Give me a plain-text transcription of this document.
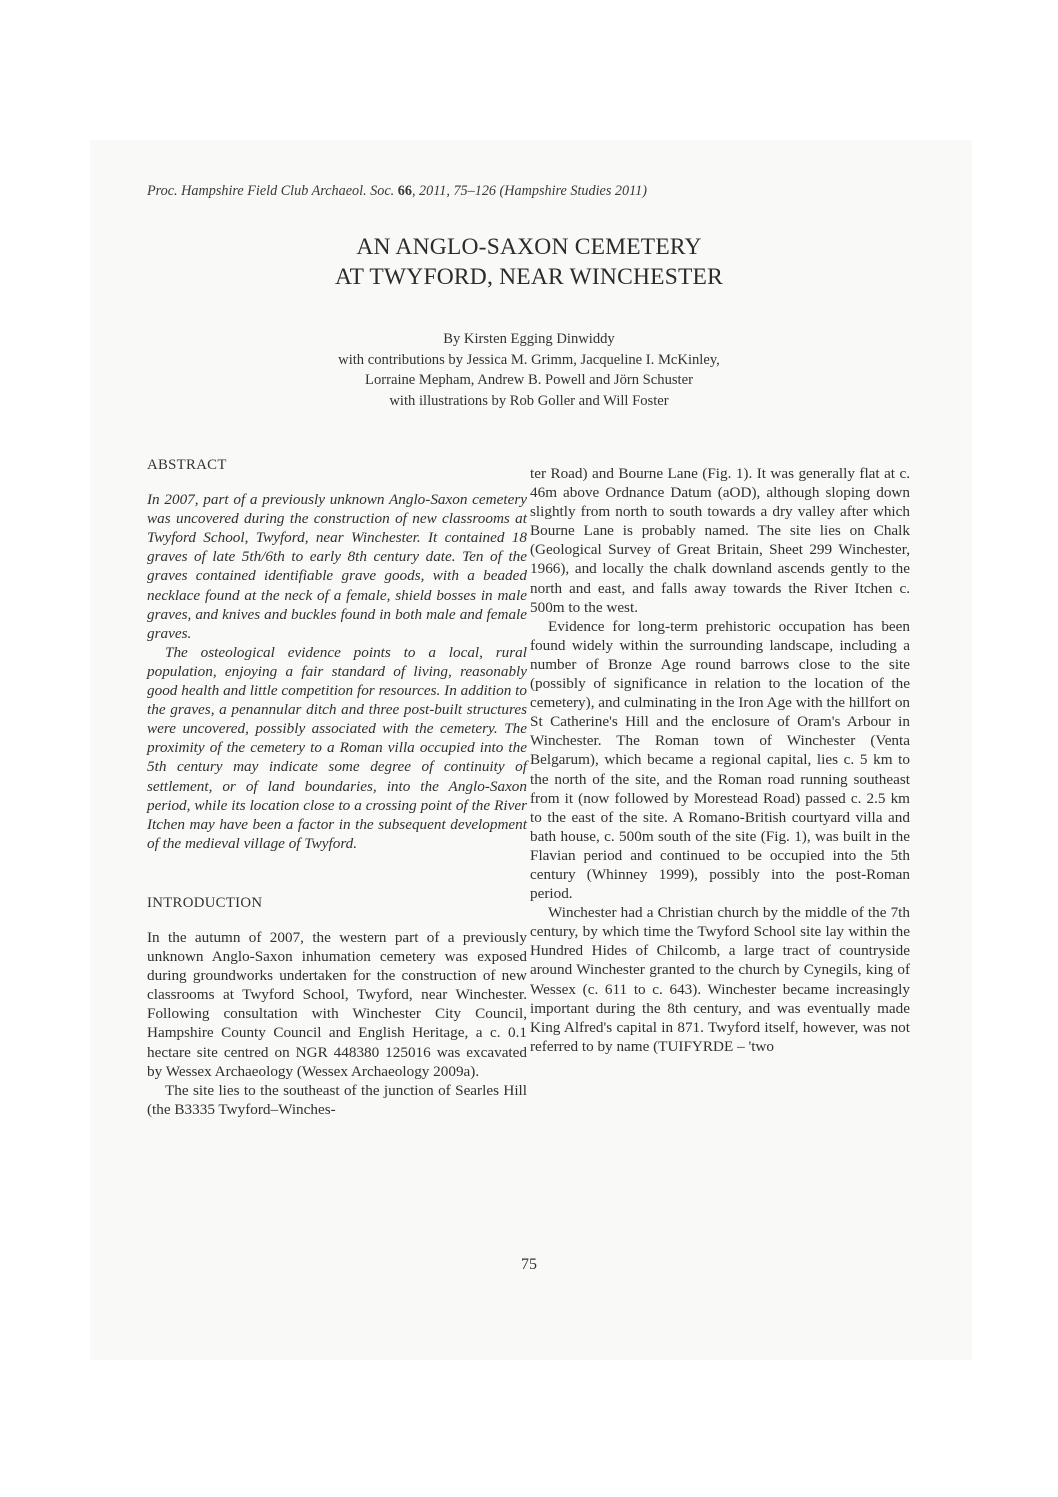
Proc. Hampshire Field Club Archaeol. Soc. 66, 2011, 75–126 (Hampshire Studies 2011)
AN ANGLO-SAXON CEMETERY
AT TWYFORD, NEAR WINCHESTER
By Kirsten Egging Dinwiddy
with contributions by Jessica M. Grimm, Jacqueline I. McKinley,
Lorraine Mepham, Andrew B. Powell and Jörn Schuster
with illustrations by Rob Goller and Will Foster
ABSTRACT

In 2007, part of a previously unknown Anglo-Saxon cemetery was uncovered during the construction of new classrooms at Twyford School, Twyford, near Winchester. It contained 18 graves of late 5th/6th to early 8th century date. Ten of the graves contained identifiable grave goods, with a beaded necklace found at the neck of a female, shield bosses in male graves, and knives and buckles found in both male and female graves.

The osteological evidence points to a local, rural population, enjoying a fair standard of living, reasonably good health and little competition for resources. In addition to the graves, a penannular ditch and three post-built structures were uncovered, possibly associated with the cemetery. The proximity of the cemetery to a Roman villa occupied into the 5th century may indicate some degree of continuity of settlement, or of land boundaries, into the Anglo-Saxon period, while its location close to a crossing point of the River Itchen may have been a factor in the subsequent development of the medieval village of Twyford.

INTRODUCTION

In the autumn of 2007, the western part of a previously unknown Anglo-Saxon inhumation cemetery was exposed during groundworks undertaken for the construction of new classrooms at Twyford School, Twyford, near Winchester. Following consultation with Winchester City Council, Hampshire County Council and English Heritage, a c. 0.1 hectare site centred on NGR 448380 125016 was excavated by Wessex Archaeology (Wessex Archaeology 2009a).

The site lies to the southeast of the junction of Searles Hill (the B3335 Twyford–Winches-

ter Road) and Bourne Lane (Fig. 1). It was generally flat at c. 46m above Ordnance Datum (aOD), although sloping down slightly from north to south towards a dry valley after which Bourne Lane is probably named. The site lies on Chalk (Geological Survey of Great Britain, Sheet 299 Winchester, 1966), and locally the chalk downland ascends gently to the north and east, and falls away towards the River Itchen c. 500m to the west.

Evidence for long-term prehistoric occupation has been found widely within the surrounding landscape, including a number of Bronze Age round barrows close to the site (possibly of significance in relation to the location of the cemetery), and culminating in the Iron Age with the hillfort on St Catherine's Hill and the enclosure of Oram's Arbour in Winchester. The Roman town of Winchester (Venta Belgarum), which became a regional capital, lies c. 5 km to the north of the site, and the Roman road running southeast from it (now followed by Morestead Road) passed c. 2.5 km to the east of the site. A Romano-British courtyard villa and bath house, c. 500m south of the site (Fig. 1), was built in the Flavian period and continued to be occupied into the 5th century (Whinney 1999), possibly into the post-Roman period.

Winchester had a Christian church by the middle of the 7th century, by which time the Twyford School site lay within the Hundred Hides of Chilcomb, a large tract of countryside around Winchester granted to the church by Cynegils, king of Wessex (c. 611 to c. 643). Winchester became increasingly important during the 8th century, and was eventually made King Alfred's capital in 871. Twyford itself, however, was not referred to by name (TUIFYRDE – 'two

75
